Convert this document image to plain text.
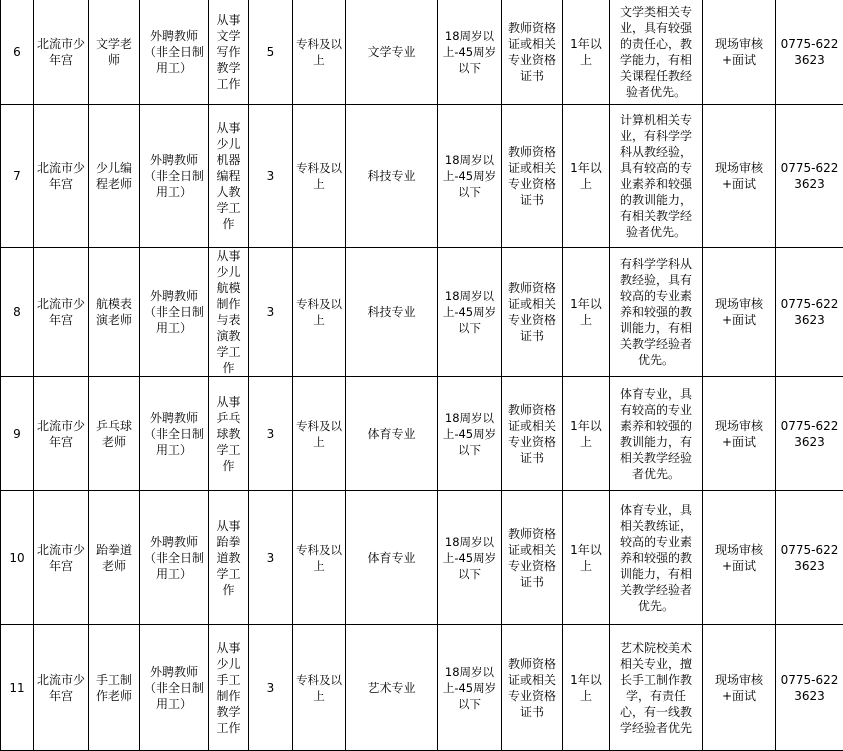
6	北流市少年宫	文学老师	外聘教师（非全日制用工）	从事文学写作教学工作	5	专科及以上	文学专业	18周岁以上-45周岁以下	教师资格证或相关专业资格证书	1年以上	文学类相关专业，具有较强的责任心，教学能力，有相关课程任教经验者优先。	现场审核+面试	0775-6223623
7	北流市少年宫	少儿编程老师	外聘教师（非全日制用工）	从事少儿机器编程人教学工作	3	专科及以上	科技专业	18周岁以上-45周岁以下	教师资格证或相关专业资格证书	1年以上	计算机相关专业，有科学学科从教经验，具有较高的专业素养和较强的教训能力，有相关教学经验者优先。	现场审核+面试	0775-6223623
8	北流市少年宫	航模表演老师	外聘教师（非全日制用工）	从事少儿航模制作与表演教学工作	3	专科及以上	科技专业	18周岁以上-45周岁以下	教师资格证或相关专业资格证书	1年以上	有科学学科从教经验，具有较高的专业素养和较强的教训能力，有相关教学经验者优先。	现场审核+面试	0775-6223623
9	北流市少年宫	乒乓球老师	外聘教师（非全日制用工）	从事乒乓球教学工作	3	专科及以上	体育专业	18周岁以上-45周岁以下	教师资格证或相关专业资格证书	1年以上	体育专业，具有较高的专业素养和较强的教训能力，有相关教学经验者优先。	现场审核+面试	0775-6223623
10	北流市少年宫	跆拳道老师	外聘教师（非全日制用工）	从事跆拳道教学工作	3	专科及以上	体育专业	18周岁以上-45周岁以下	教师资格证或相关专业资格证书	1年以上	体育专业，具相关教练证，较高的专业素养和较强的教训能力，有相关教学经验者优先。	现场审核+面试	0775-6223623
11	北流市少年宫	手工制作老师	外聘教师（非全日制用工）	从事少儿手工制作教学工作	3	专科及以上	艺术专业	18周岁以上-45周岁以下	教师资格证或相关专业资格证书	1年以上	艺术院校美术相关专业，擅长手工制作教学，有责任心，有一线教学经验者优先	现场审核+面试	0775-6223623
